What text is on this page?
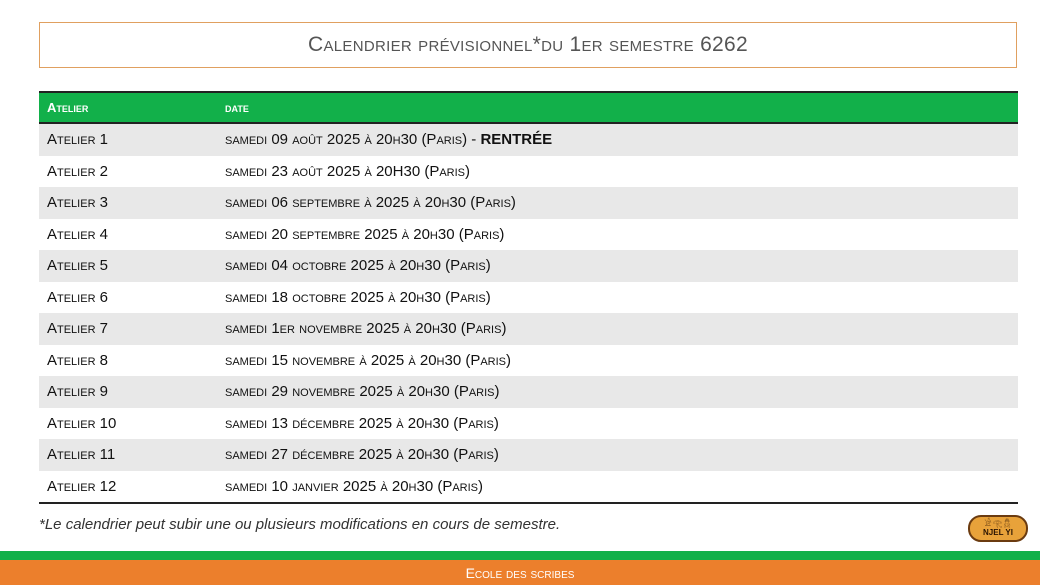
Calendrier prévisionnel*du 1er semestre 6262
Atelier	date
Atelier 1	samedi 09 août 2025 à 20h30 (Paris) - RENTRÉE
Atelier 2	samedi 23 août 2025 à 20H30 (Paris)
Atelier 3	samedi 06 septembre à 2025 à 20h30 (Paris)
Atelier 4	samedi 20 septembre 2025 à 20h30 (Paris)
Atelier 5	samedi 04 octobre 2025 à 20h30 (Paris)
Atelier 6	samedi 18 octobre 2025 à 20h30 (Paris)
Atelier 7	samedi 1er novembre 2025 à 20h30 (Paris)
Atelier 8	samedi 15 novembre à 2025 à 20h30 (Paris)
Atelier 9	samedi 29 novembre 2025 à 20h30 (Paris)
Atelier 10	samedi 13 décembre 2025 à 20h30 (Paris)
Atelier 11	samedi 27 décembre 2025 à 20h30 (Paris)
Atelier 12	samedi 10 janvier 2025 à 20h30 (Paris)
*Le calendrier peut subir une ou plusieurs modifications en cours de semestre.	𓀀𓂀𓆣
NJEL YI
Ecole des scribes
